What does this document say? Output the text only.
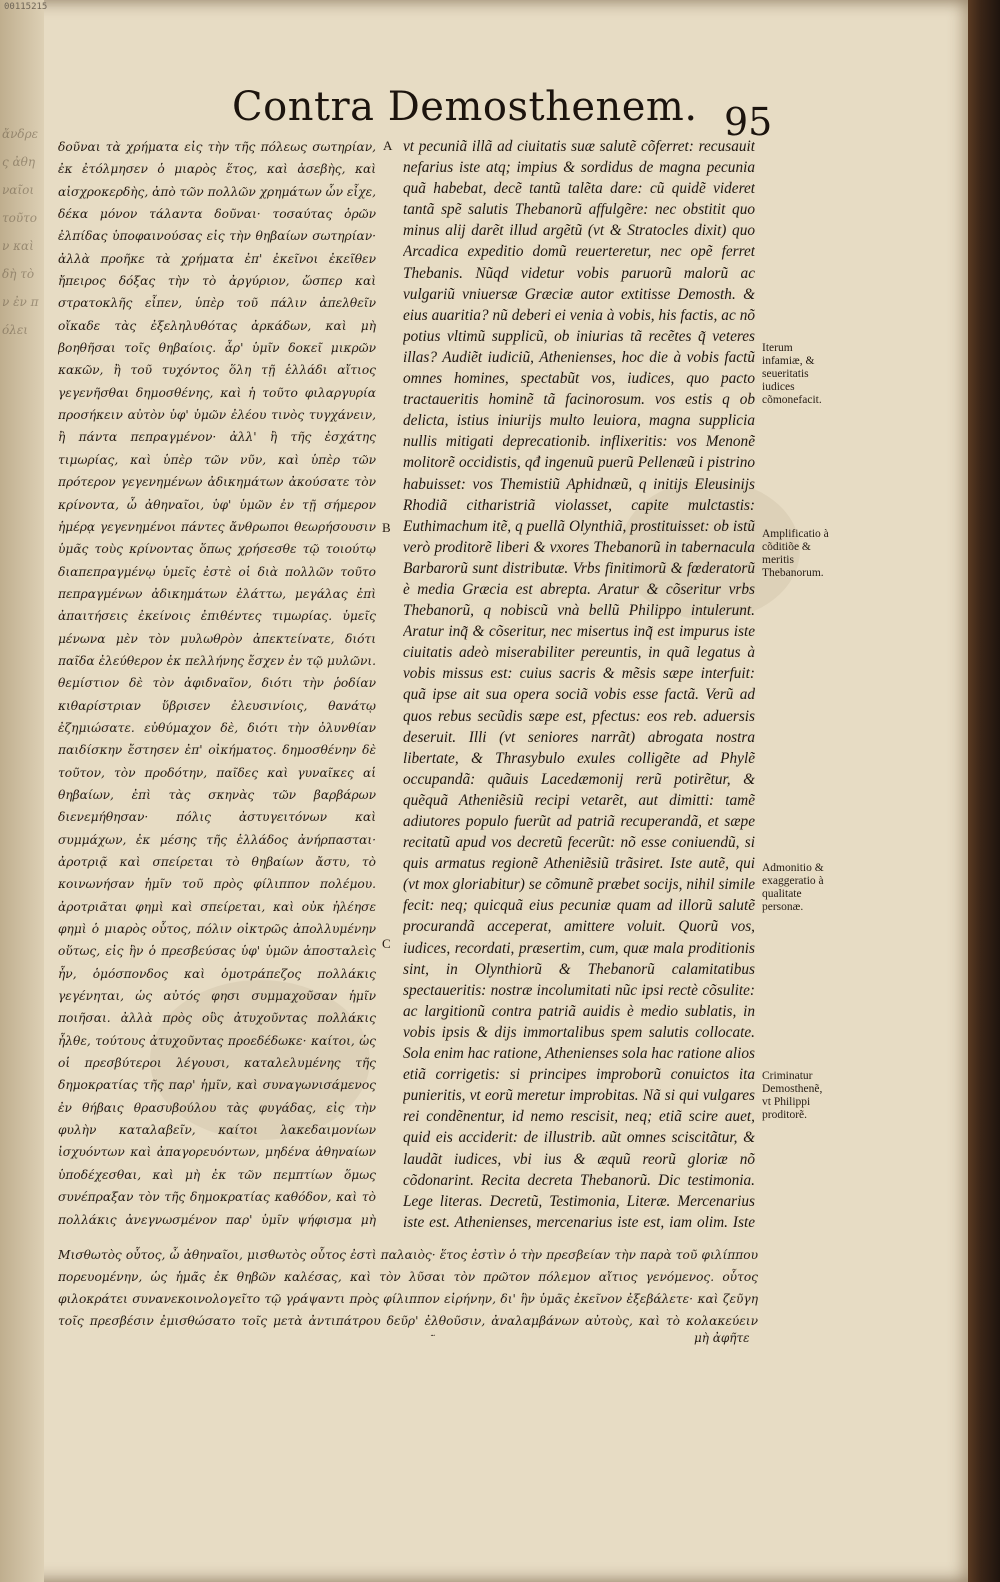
ἄνδρες ἀθηναῖοι τοῦτον καὶ δὴ τὸν ἐν πόλει
00115215
Contra Demosthenem. 95

δοῦναι τὰ χρήματα εἰς τὴν τῆς πόλεως σωτηρίαν, ἐκ ἐτόλμησεν ὁ μιαρὸς ἕτος, καὶ ἀσεβὴς, καὶ αἰσχροκερδὴς, ἀπὸ τῶν πολλῶν χρημάτων ὧν εἶχε, δέκα μόνον τάλαντα δοῦναι· τοσαύτας ὁρῶν ἐλπίδας ὑποφαινούσας εἰς τὴν θηβαίων σωτηρίαν· ἀλλὰ προῆκε τὰ χρήματα ἐπ' ἐκεῖνοι ἐκεῖθεν ἤπειρος δόξας τὴν τὸ ἀργύριον, ὥσπερ καὶ στρατοκλῆς εἶπεν, ὑπὲρ τοῦ πάλιν ἀπελθεῖν οἴκαδε τὰς ἐξεληλυθότας ἀρκάδων, καὶ μὴ βοηθῆσαι τοῖς θηβαίοις. ἆρ' ὑμῖν δοκεῖ μικρῶν κακῶν, ἢ τοῦ τυχόντος ὅλη τῇ ἑλλάδι αἴτιος γεγενῆσθαι δημοσθένης, καὶ ἡ τοῦτο φιλαργυρία προσήκειν αὐτὸν ὑφ' ὑμῶν ἐλέου τινὸς τυγχάνειν, ἢ πάντα πεπραγμένον· ἀλλ' ἢ τῆς ἐσχάτης τιμωρίας, καὶ ὑπὲρ τῶν νῦν, καὶ ὑπὲρ τῶν πρότερον γεγενημένων ἀδικημάτων ἀκούσατε τὸν κρίνοντα, ὦ ἀθηναῖοι, ὑφ' ὑμῶν ἐν τῇ σήμερον ἡμέρᾳ γεγενημένοι πάντες ἄνθρωποι θεωρήσουσιν ὑμᾶς τοὺς κρίνοντας ὅπως χρήσεσθε τῷ τοιούτῳ διαπεπραγμένῳ ὑμεῖς ἐστὲ οἱ διὰ πολλῶν τοῦτο πεπραγμένων ἀδικημάτων ἐλάττω, μεγάλας ἐπὶ ἀπαιτήσεις ἐκείνοις ἐπιθέντες τιμωρίας. ὑμεῖς μένωνα μὲν τὸν μυλωθρὸν ἀπεκτείνατε, διότι παῖδα ἐλεύθερον ἐκ πελλήνης ἔσχεν ἐν τῷ μυλῶνι. θεμίστιον δὲ τὸν ἀφιδναῖον, διότι τὴν ῥοδίαν κιθαρίστριαν ὕβρισεν ἐλευσινίοις, θανάτῳ ἐζημιώσατε. εὐθύμαχον δὲ, διότι τὴν ὀλυνθίαν παιδίσκην ἔστησεν ἐπ' οἰκήματος. δημοσθένην δὲ τοῦτον, τὸν προδότην, παῖδες καὶ γυναῖκες αἱ θηβαίων, ἐπὶ τὰς σκηνὰς τῶν βαρβάρων διενεμήθησαν· πόλις ἀστυγειτόνων καὶ συμμάχων, ἐκ μέσης τῆς ἑλλάδος ἀνήρπασται· ἀροτριᾷ καὶ σπείρεται τὸ θηβαίων ἄστυ, τὸ κοινωνήσαν ἡμῖν τοῦ πρὸς φίλιππον πολέμου. ἀροτριᾶται φημὶ καὶ σπείρεται, καὶ οὐκ ἠλέησε φημὶ ὁ μιαρὸς οὗτος, πόλιν οἰκτρῶς ἀπολλυμένην οὕτως, εἰς ἣν ὁ πρεσβεύσας ὑφ' ὑμῶν ἀποσταλεὶς ἦν, ὁμόσπονδος καὶ ὁμοτράπεζος πολλάκις γεγένηται, ὡς αὐτός φησι συμμαχοῦσαν ἡμῖν ποιῆσαι. ἀλλὰ πρὸς οὓς ἀτυχοῦντας πολλάκις ἦλθε, τούτους ἀτυχοῦντας προεδέδωκε· καίτοι, ὡς οἱ πρεσβύτεροι λέγουσι, καταλελυμένης τῆς δημοκρατίας τῆς παρ' ἡμῖν, καὶ συναγωνισάμενος ἐν θήβαις θρασυβούλου τὰς φυγάδας, εἰς τὴν φυλὴν καταλαβεῖν, καίτοι λακεδαιμονίων ἰσχυόντων καὶ ἀπαγορευόντων, μηδένα ἀθηναίων ὑποδέχεσθαι, καὶ μὴ ἐκ τῶν πεμπτίων ὅμως συνέπραξαν τὸν τῆς δημοκρατίας καθόδον, καὶ τὸ πολλάκις ἀνεγνωσμένον παρ' ὑμῖν ψήφισμα μὴ

A
B
C

vt pecuniã illã ad ciuitatis suæ salutẽ cõferret: recusauit nefarius iste atq; impius & sordidus de magna pecunia quã habebat, decẽ tantũ talẽta dare: cũ quidẽ videret tantã spẽ salutis Thebanorũ affulgẽre: nec obstitit quo minus alij darẽt illud argẽtũ (vt & Stratocles dixit) quo Arcadica expeditio domũ reuerteretur, nec opẽ ferret Thebanis. Nũqd videtur vobis paruorũ malorũ ac vulgariũ vniuersæ Græciæ autor extitisse Demosth. & eius auaritia? nũ deberi ei venia à vobis, his factis, ac nõ potius vltimũ supplicũ, ob iniurias tã recẽtes q̃ veteres illas? Audiẽt iudiciũ, Athenienses, hoc die à vobis factũ omnes homines, spectabũt vos, iudices, quo pacto tractaueritis hominẽ tã facinorosum. vos estis q ob delicta, istius iniurijs multo leuiora, magna supplicia nullis mitigati deprecationib. inflixeritis: vos Menonẽ molitorẽ occidistis, qđ ingenuũ puerũ Pellenæũ i pistrino habuisset: vos Themistiũ Aphidnæũ, q initijs Eleusinijs Rhodiã citharistriã violasset, capite mulctastis: Euthimachum itẽ, q puellã Olynthiã, prostituisset: ob istũ verò proditorẽ liberi & vxores Thebanorũ in tabernacula Barbarorũ sunt distributæ. Vrbs finitimorũ & fœderatorũ è media Græcia est abrepta. Aratur & cõseritur vrbs Thebanorũ, q nobiscũ vnà bellũ Philippo intulerunt. Aratur inq̃ & cõseritur, nec misertus inq̃ est impurus iste ciuitatis adeò miserabiliter pereuntis, in quã legatus à vobis missus est: cuius sacris & mẽsis sæpe interfuit: quã ipse ait sua opera sociã vobis esse factã. Verũ ad quos rebus secũdis sæpe est, pfectus: eos reb. aduersis deseruit. Illi (vt seniores narrãt) abrogata nostra libertate, & Thrasybulo exules colligẽte ad Phylẽ occupandã: quãuis Lacedæmonij rerũ potirẽtur, & quẽquã Atheniẽsiũ recipi vetarẽt, aut dimitti: tamẽ adiutores populo fuerũt ad patriã recuperandã, et sæpe recitatũ apud vos decretũ fecerũt: nõ esse coniuendũ, si quis armatus regionẽ Atheniẽsiũ trãsiret. Iste autẽ, qui (vt mox gloriabitur) se cõmunẽ præbet socijs, nihil simile fecit: neq; quicquã eius pecuniæ quam ad illorũ salutẽ procurandã acceperat, amittere voluit. Quorũ vos, iudices, recordati, præsertim, cum, quæ mala proditionis sint, in Olynthiorũ & Thebanorũ calamitatibus spectaueritis: nostræ incolumitati nũc ipsi rectè cõsulite: ac largitionũ contra patriã auidis è medio sublatis, in vobis ipsis & dijs immortalibus spem salutis collocate. Sola enim hac ratione, Athenienses sola hac ratione alios etiã corrigetis: si principes improborũ conuictos ita punieritis, vt eorũ meretur improbitas. Nã si qui vulgares rei condẽnentur, id nemo rescisit, neq; etiã scire auet, quid eis acciderit: de illustrib. aũt omnes sciscitãtur, & laudãt iudices, vbi ius & æquũ reorũ gloriæ nõ cõdonarint. Recita decreta Thebanorũ. Dic testimonia. Lege literas. Decretũ, Testimonia, Literæ. Mercenarius iste est. Athenienses, mercenarius iste est, iam olim. Iste

Iterum infamiæ, & seueritatis iudices cõmonefacit.
Amplificatio à cõditiõe & meritis Thebanorum.
Admonitio & exaggeratio à qualitate personæ.
Criminatur Demosthenẽ, vt Philippi proditorẽ.
Μισθωτὸς οὗτος, ὦ ἀθηναῖοι, μισθωτὸς οὗτος ἐστὶ παλαιὸς· ἕτος ἐστὶν ὁ τὴν πρεσβείαν τὴν παρὰ τοῦ φιλίππου πορευομένην, ὡς ἡμᾶς ἐκ θηβῶν καλέσας, καὶ τὸν λῦσαι τὸν πρῶτον πόλεμον αἴτιος γενόμενος. οὗτος φιλοκράτει συνανεκοινολογεῖτο τῷ γράψαντι πρὸς φίλιππον εἰρήνην, δι' ἣν ὑμᾶς ἐκεῖνον ἐξεβάλετε· καὶ ζεῦγη τοῖς πρεσβέσιν ἐμισθώσατο τοῖς μετὰ ἀντιπάτρου δεῦρ' ἐλθοῦσιν, ἀναλαμβάνων αὐτοὺς, καὶ τὸ κολακεύειν
μὴ ἀφῆτε
